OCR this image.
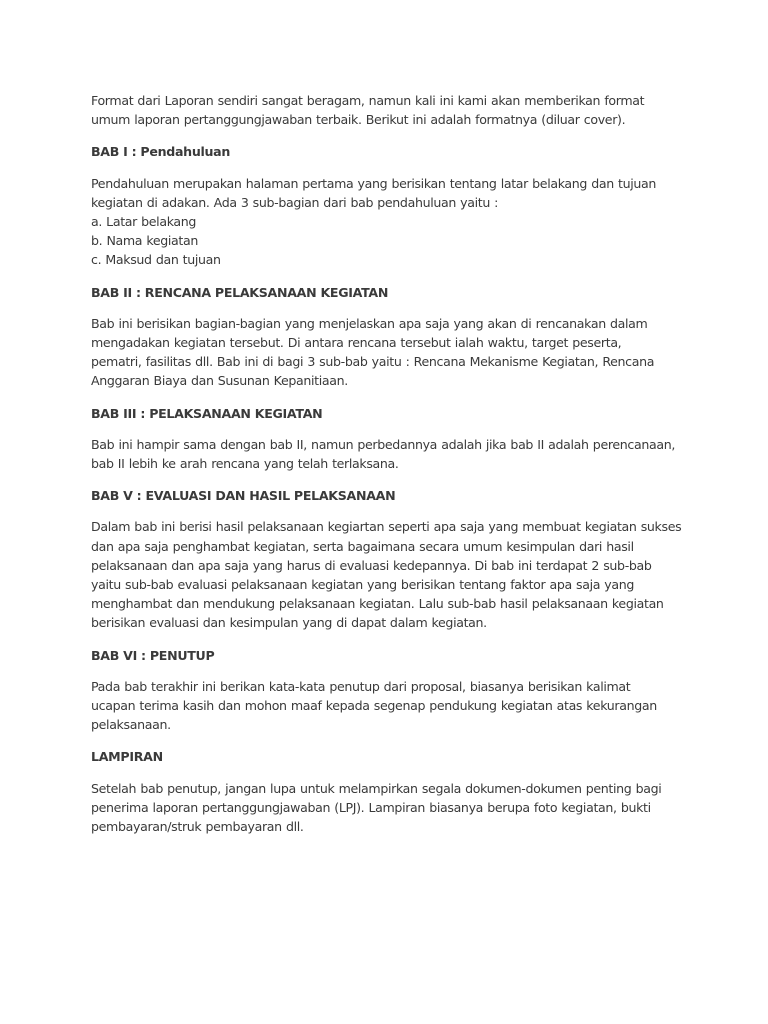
Format dari Laporan sendiri sangat beragam, namun kali ini kami akan memberikan format
umum laporan pertanggungjawaban terbaik. Berikut ini adalah formatnya (diluar cover).

BAB I : Pendahuluan

Pendahuluan merupakan halaman pertama yang berisikan tentang latar belakang dan tujuan
kegiatan di adakan. Ada 3 sub-bagian dari bab pendahuluan yaitu :
a. Latar belakang
b. Nama kegiatan
c. Maksud dan tujuan

BAB II : RENCANA PELAKSANAAN KEGIATAN

Bab ini berisikan bagian-bagian yang menjelaskan apa saja yang akan di rencanakan dalam
mengadakan kegiatan tersebut. Di antara rencana tersebut ialah waktu, target peserta,
pematri, fasilitas dll. Bab ini di bagi 3 sub-bab yaitu : Rencana Mekanisme Kegiatan, Rencana
Anggaran Biaya dan Susunan Kepanitiaan.

BAB III : PELAKSANAAN KEGIATAN

Bab ini hampir sama dengan bab II, namun perbedannya adalah jika bab II adalah perencanaan,
bab II lebih ke arah rencana yang telah terlaksana.

BAB V : EVALUASI DAN HASIL PELAKSANAAN

Dalam bab ini berisi hasil pelaksanaan kegiartan seperti apa saja yang membuat kegiatan sukses
dan apa saja penghambat kegiatan, serta bagaimana secara umum kesimpulan dari hasil
pelaksanaan dan apa saja yang harus di evaluasi kedepannya. Di bab ini terdapat 2 sub-bab
yaitu sub-bab evaluasi pelaksanaan kegiatan yang berisikan tentang faktor apa saja yang
menghambat dan mendukung pelaksanaan kegiatan. Lalu sub-bab hasil pelaksanaan kegiatan
berisikan evaluasi dan kesimpulan yang di dapat dalam kegiatan.

BAB VI : PENUTUP

Pada bab terakhir ini berikan kata-kata penutup dari proposal, biasanya berisikan kalimat
ucapan terima kasih dan mohon maaf kepada segenap pendukung kegiatan atas kekurangan
pelaksanaan.

LAMPIRAN

Setelah bab penutup, jangan lupa untuk melampirkan segala dokumen-dokumen penting bagi
penerima laporan pertanggungjawaban (LPJ). Lampiran biasanya berupa foto kegiatan, bukti
pembayaran/struk pembayaran dll.
